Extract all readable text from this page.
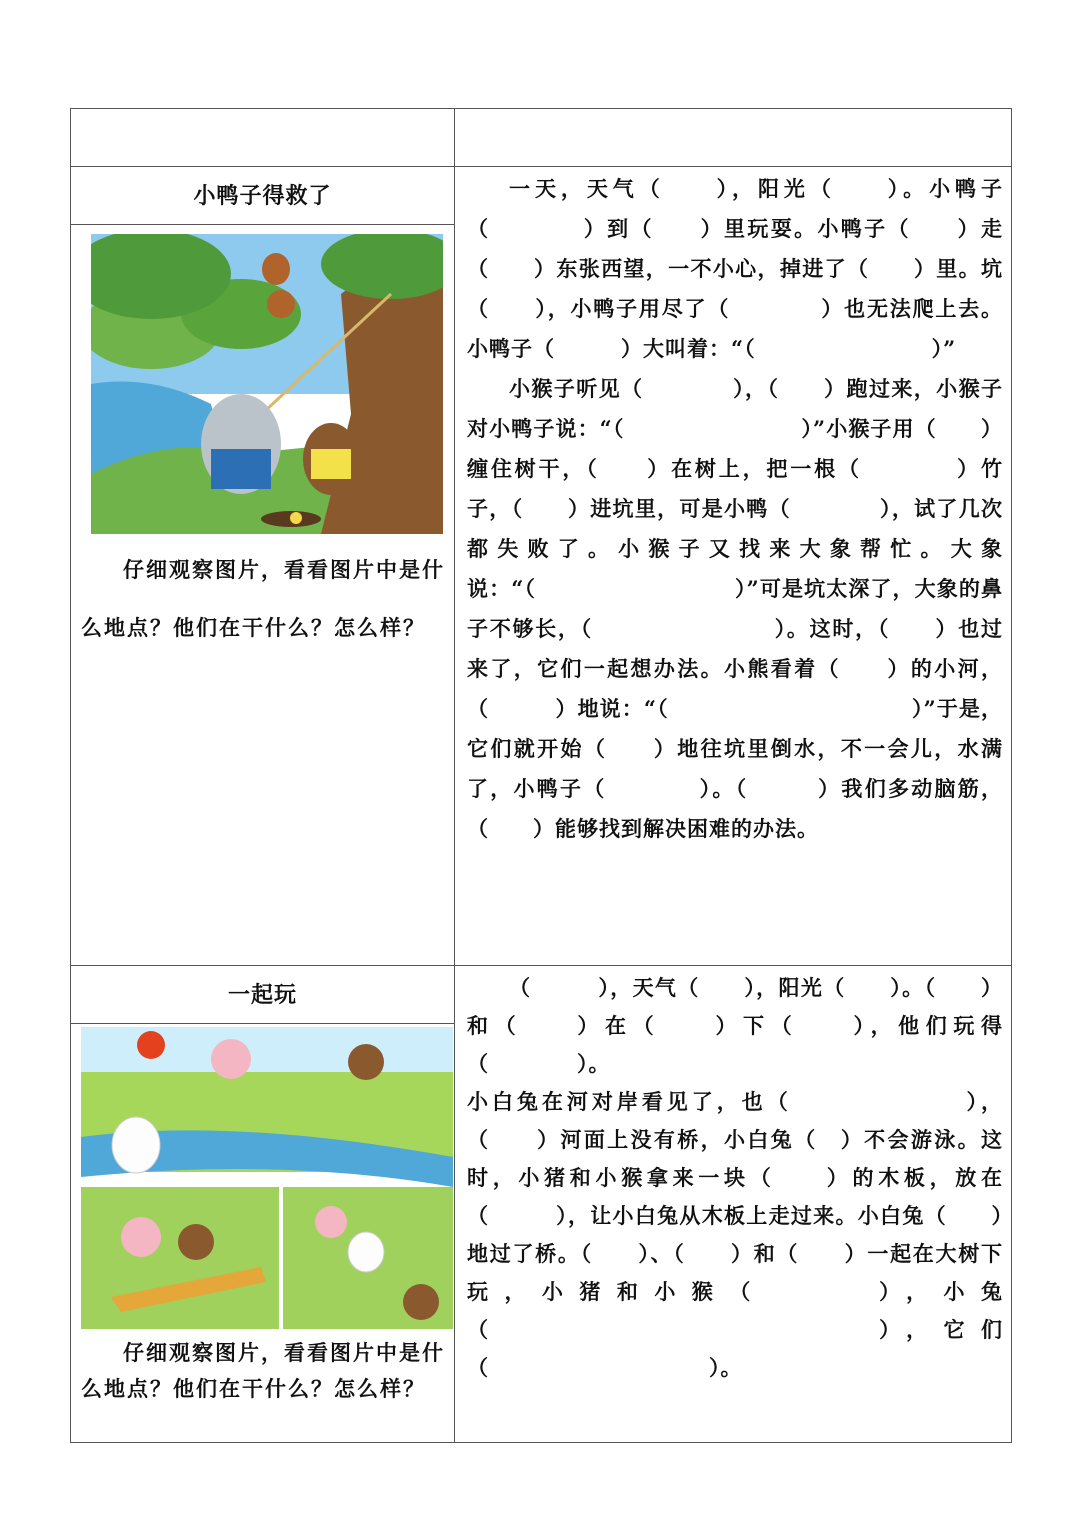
小鸭子得救了
仔细观察图片，看看图片中是什么地点？他们在干什么？怎么样？

一天，天气（　　），阳光（　　）。小鸭子（　　　　）到（　　）里玩耍。小鸭子（　　）走（　　）东张西望，一不小心，掉进了（　　）里。坑（　　），小鸭子用尽了（　　　　）也无法爬上去。小鸭子（　　　）大叫着：“（　　　　　　　　）”

小猴子听见（　　　　），（　　）跑过来，小猴子对小鸭子说：“（　　　　　　　　）”小猴子用（　　）缠住树干，（　　）在树上，把一根（　　　　）竹子，（　　）进坑里，可是小鸭（　　　　），试了几次都失败了。小猴子又找来大象帮忙。大象说：“（　　　　　　　　　）”可是坑太深了，大象的鼻子不够长，（　　　　　　　　）。这时，（　　）也过来了，它们一起想办法。小熊看着（　　）的小河，（　　　）地说：“（　　　　　　　　　　　）”于是，它们就开始（　　）地往坑里倒水，不一会儿，水满了，小鸭子（　　　　）。（　　　）我们多动脑筋，（　　）能够找到解决困难的办法。

一起玩
仔细观察图片，看看图片中是什么地点？他们在干什么？怎么样？

（　　　），天气（　　），阳光（　　）。（　　）和（　　）在（　　）下（　　），他们玩得（　　　　）。

小白兔在河对岸看见了，也（　　　　　　　），（　　）河面上没有桥，小白兔（　）不会游泳。这时，小猪和小猴拿来一块（　　）的木板，放在（　　　），让小白兔从木板上走过来。小白兔（　　）地过了桥。（　　）、（　　）和（　　）一起在大树下玩，小猪和小猴（　　　），小兔（　　　　　　　　　　），它们（　　　　　　　　　　）。
